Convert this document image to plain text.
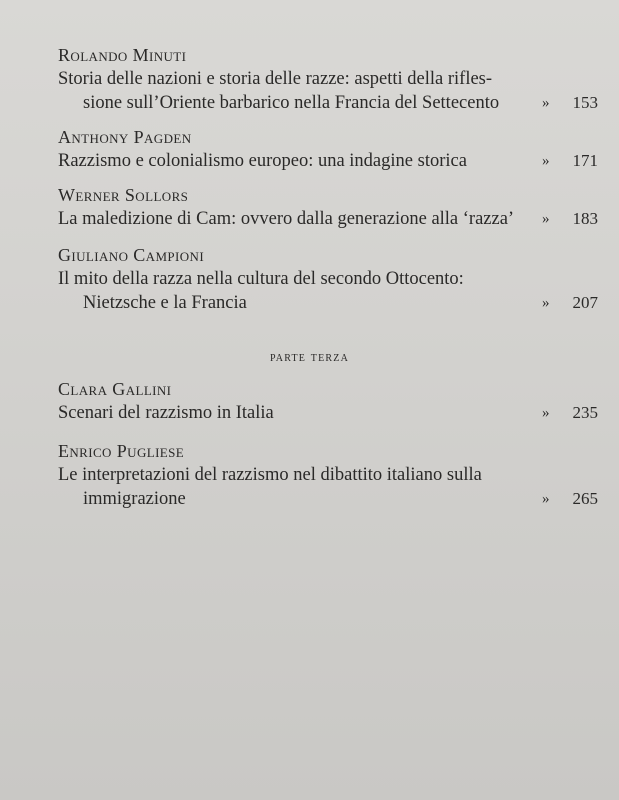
Rolando Minuti
Storia delle nazioni e storia delle razze: aspetti della rifles-
sione sull’Oriente barbarico nella Francia del Settecento	»	153
Anthony Pagden
Razzismo e colonialismo europeo: una indagine storica	»	171
Werner Sollors
La maledizione di Cam: ovvero dalla generazione alla ‘razza’ »	183
Giuliano Campioni
Il mito della razza nella cultura del secondo Ottocento:
Nietzsche e la Francia	»	207
parte terza
Clara Gallini
Scenari del razzismo in Italia	»	235
Enrico Pugliese
Le interpretazioni del razzismo nel dibattito italiano sulla
immigrazione	»	265
